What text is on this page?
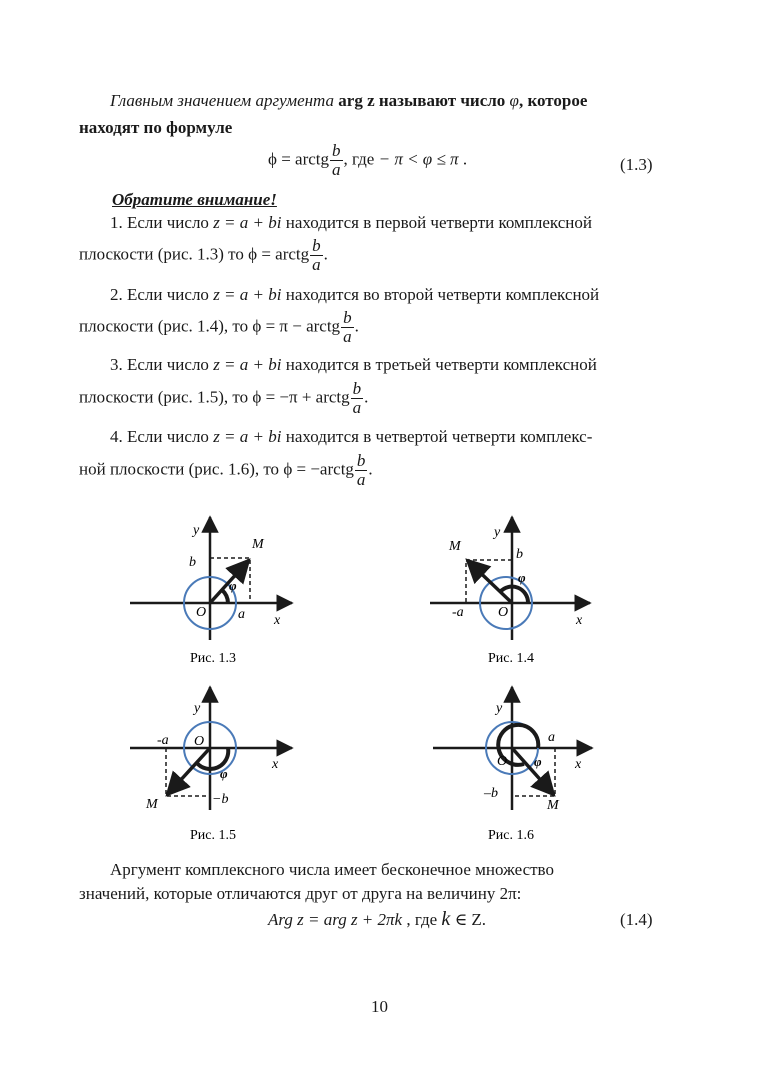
Главным значением аргумента arg z называют число φ, которое
находят по формуле
ϕ = arctg $\frac{b}{a}$ , где − π < φ ≤ π .	(1.3)
Обратите внимание!
1. Если число z = a + bi находится в первой четверти комплексной
плоскости (рис. 1.3) то ϕ = arctg $\frac{b}{a}$ .
2. Если число z = a + bi находится во второй четверти комплексной
плоскости (рис. 1.4), то ϕ = π − arctg $\frac{b}{a}$ .
3. Если число z = a + bi находится в третьей четверти комплексной
плоскости (рис. 1.5), то ϕ = −π + arctg $\frac{b}{a}$ .
4. Если число z = a + bi находится в четвертой четверти комплекс-
ной плоскости (рис. 1.6), то ϕ = −arctg $\frac{b}{a}$ .
y
x
O
M
φ
a
b
Рис. 1.3
y
x
O
M
φ
-a
b
Рис. 1.4
y
x
O
M
φ
-a
−b
Рис. 1.5
y
x
O
M
φ
a
–b
Рис. 1.6
Аргумент комплексного числа имеет бесконечное множество
значений, которые отличаются друг от друга на величину 2π:
Arg z = arg z + 2πk , где k ∈ Z.	(1.4)
10
